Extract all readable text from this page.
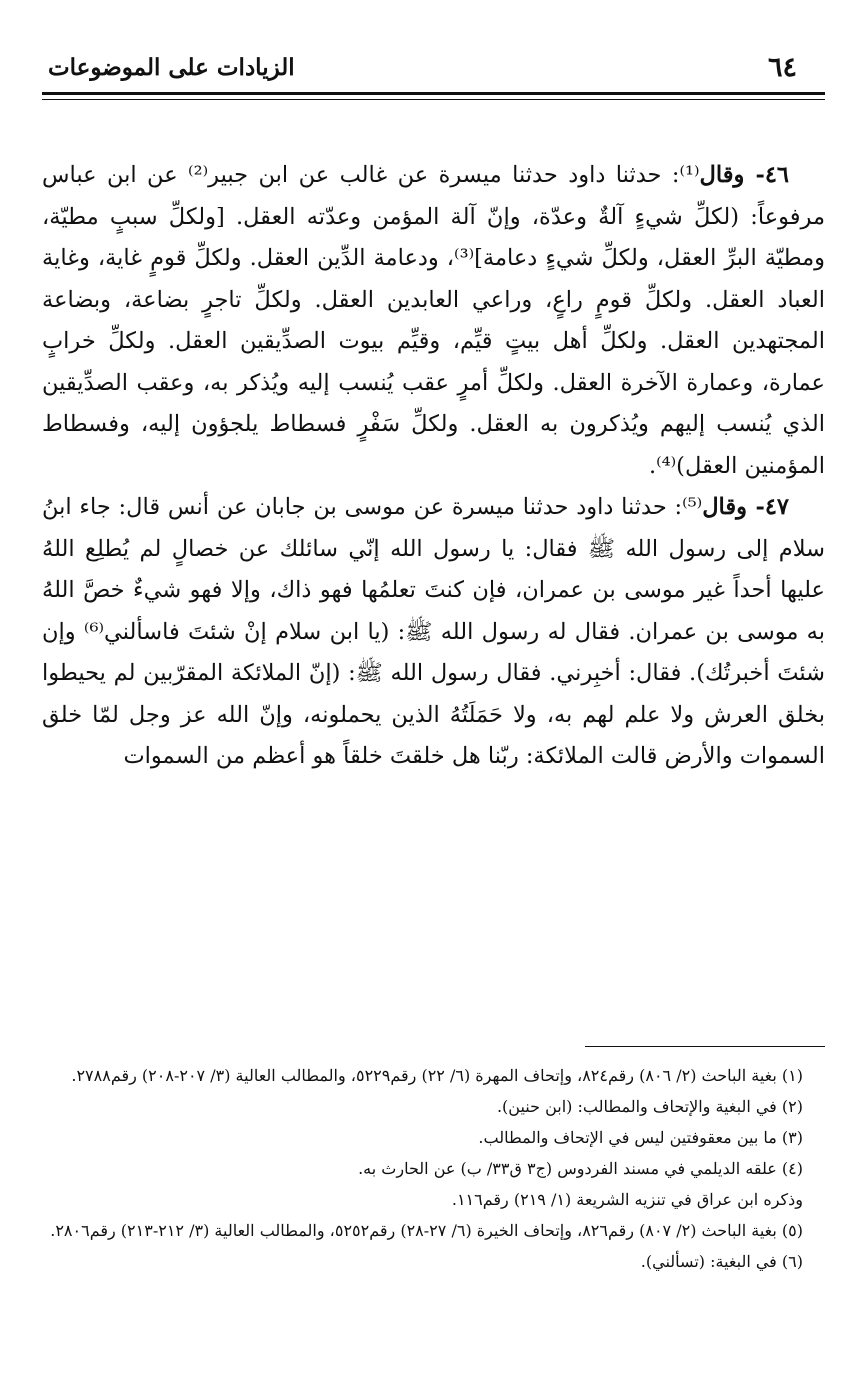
٦٤
الزيادات على الموضوعات

٤٦- وقال⁽¹⁾: حدثنا داود حدثنا ميسرة عن غالب عن ابن جبير⁽²⁾ عن ابن عباس مرفوعاً: (لكلِّ شيءٍ آلةٌ وعدّة، وإنّ آلة المؤمن وعدّته العقل. [ولكلِّ سببٍ مطيّة، ومطيّة البرِّ العقل، ولكلِّ شيءٍ دعامة]⁽³⁾، ودعامة الدِّين العقل. ولكلِّ قومٍ غاية، وغاية العباد العقل. ولكلِّ قومٍ راعٍ، وراعي العابدين العقل. ولكلِّ تاجرٍ بضاعة، وبضاعة المجتهدين العقل. ولكلِّ أهل بيتٍ قيِّم، وقيِّم بيوت الصدِّيقين العقل. ولكلِّ خرابٍ عمارة، وعمارة الآخرة العقل. ولكلِّ أمرٍ عقب يُنسب إليه ويُذكر به، وعقب الصدِّيقين الذي يُنسب إليهم ويُذكرون به العقل. ولكلِّ سَفْرٍ فسطاط يلجؤون إليه، وفسطاط المؤمنين العقل)⁽⁴⁾.

٤٧- وقال⁽⁵⁾: حدثنا داود حدثنا ميسرة عن موسى بن جابان عن أنس قال: جاء ابنُ سلام إلى رسول الله ﷺ فقال: يا رسول الله إنّي سائلك عن خصالٍ لم يُطلِع اللهُ عليها أحداً غير موسى بن عمران، فإن كنتَ تعلمُها فهو ذاك، وإلا فهو شيءٌ خصَّ اللهُ به موسى بن عمران. فقال له رسول الله ﷺ: (يا ابن سلام إنْ شئتَ فاسألني⁽⁶⁾ وإن شئتَ أخبرتُك). فقال: أخبِرني. فقال رسول الله ﷺ: (إنّ الملائكة المقرّبين لم يحيطوا بخلق العرش ولا علم لهم به، ولا حَمَلَتُهُ الذين يحملونه، وإنّ الله عز وجل لمّا خلق السموات والأرض قالت الملائكة: ربّنا هل خلقتَ خلقاً هو أعظم من السموات

(١) بغية الباحث (٢/ ٨٠٦) رقم٨٢٤، وإتحاف المهرة (٦/ ٢٢) رقم٥٢٢٩، والمطالب العالية (٣/ ٢٠٧-٢٠٨) رقم٢٧٨٨.

(٢) في البغية والإتحاف والمطالب: (ابن حنين).

(٣) ما بين معقوفتين ليس في الإتحاف والمطالب.

(٤) علقه الديلمي في مسند الفردوس (ج٣ ق٣٣/ ب) عن الحارث به.

وذكره ابن عراق في تنزيه الشريعة (١/ ٢١٩) رقم١١٦.

(٥) بغية الباحث (٢/ ٨٠٧) رقم٨٢٦، وإتحاف الخيرة (٦/ ٢٧-٢٨) رقم٥٢٥٢، والمطالب العالية (٣/ ٢١٢-٢١٣) رقم٢٨٠٦.

(٦) في البغية: (تسألني).
